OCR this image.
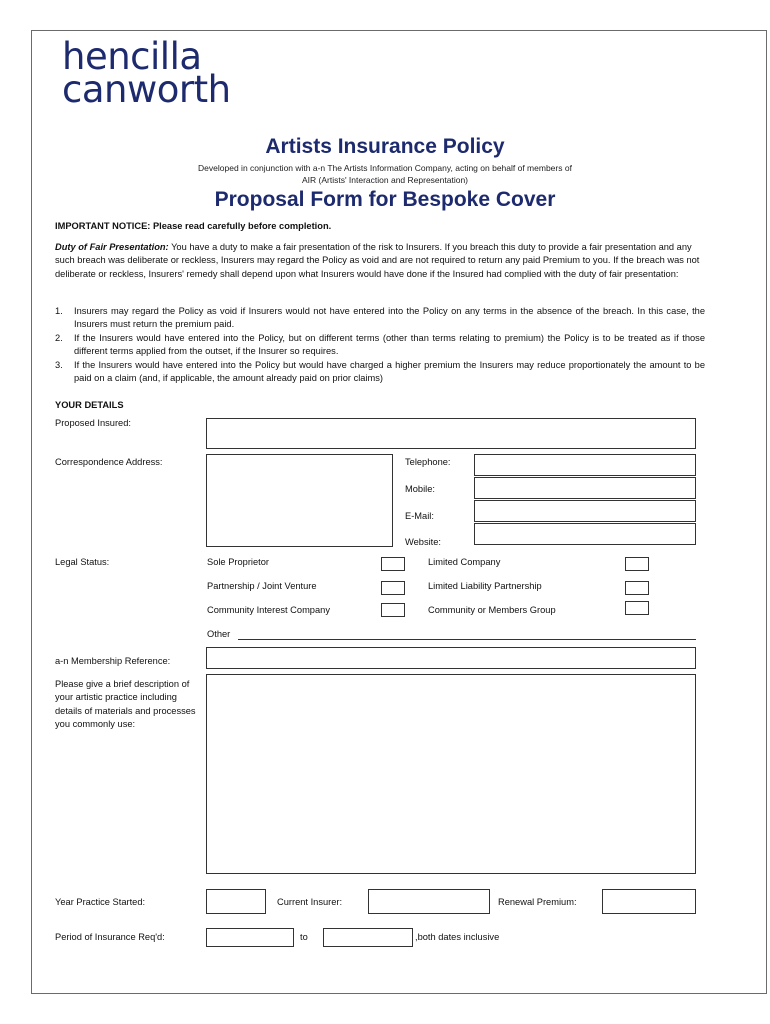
hencilla
canworth
Artists Insurance Policy
Developed in conjunction with a-n The Artists Information Company, acting on behalf of members of
AIR (Artists' Interaction and Representation)
Proposal Form for Bespoke Cover
IMPORTANT NOTICE: Please read carefully before completion.
Duty of Fair Presentation: You have a duty to make a fair presentation of the risk to Insurers. If you breach this duty to provide a fair presentation and any such breach was deliberate or reckless, Insurers may regard the Policy as void and are not required to return any paid Premium to you. If the breach was not deliberate or reckless, Insurers' remedy shall depend upon what Insurers would have done if the Insured had complied with the duty of fair presentation:
1. Insurers may regard the Policy as void if Insurers would not have entered into the Policy on any terms in the absence of the breach. In this case, the Insurers must return the premium paid.
2. If the Insurers would have entered into the Policy, but on different terms (other than terms relating to premium) the Policy is to be treated as if those different terms applied from the outset, if the Insurer so requires.
3. If the Insurers would have entered into the Policy but would have charged a higher premium the Insurers may reduce proportionately the amount to be paid on a claim (and, if applicable, the amount already paid on prior claims)
YOUR DETAILS
Proposed Insured:
Correspondence Address:	Telephone:
Mobile:
E-Mail:
Website:
Legal Status:	Sole Proprietor	Limited Company
Partnership / Joint Venture	Limited Liability Partnership
Community Interest Company	Community or Members Group
Other
a-n Membership Reference:
Please give a brief description of your artistic practice including details of materials and processes you commonly use:
Year Practice Started:	Current Insurer:	Renewal Premium:
Period of Insurance Req'd:	to	,both dates inclusive
